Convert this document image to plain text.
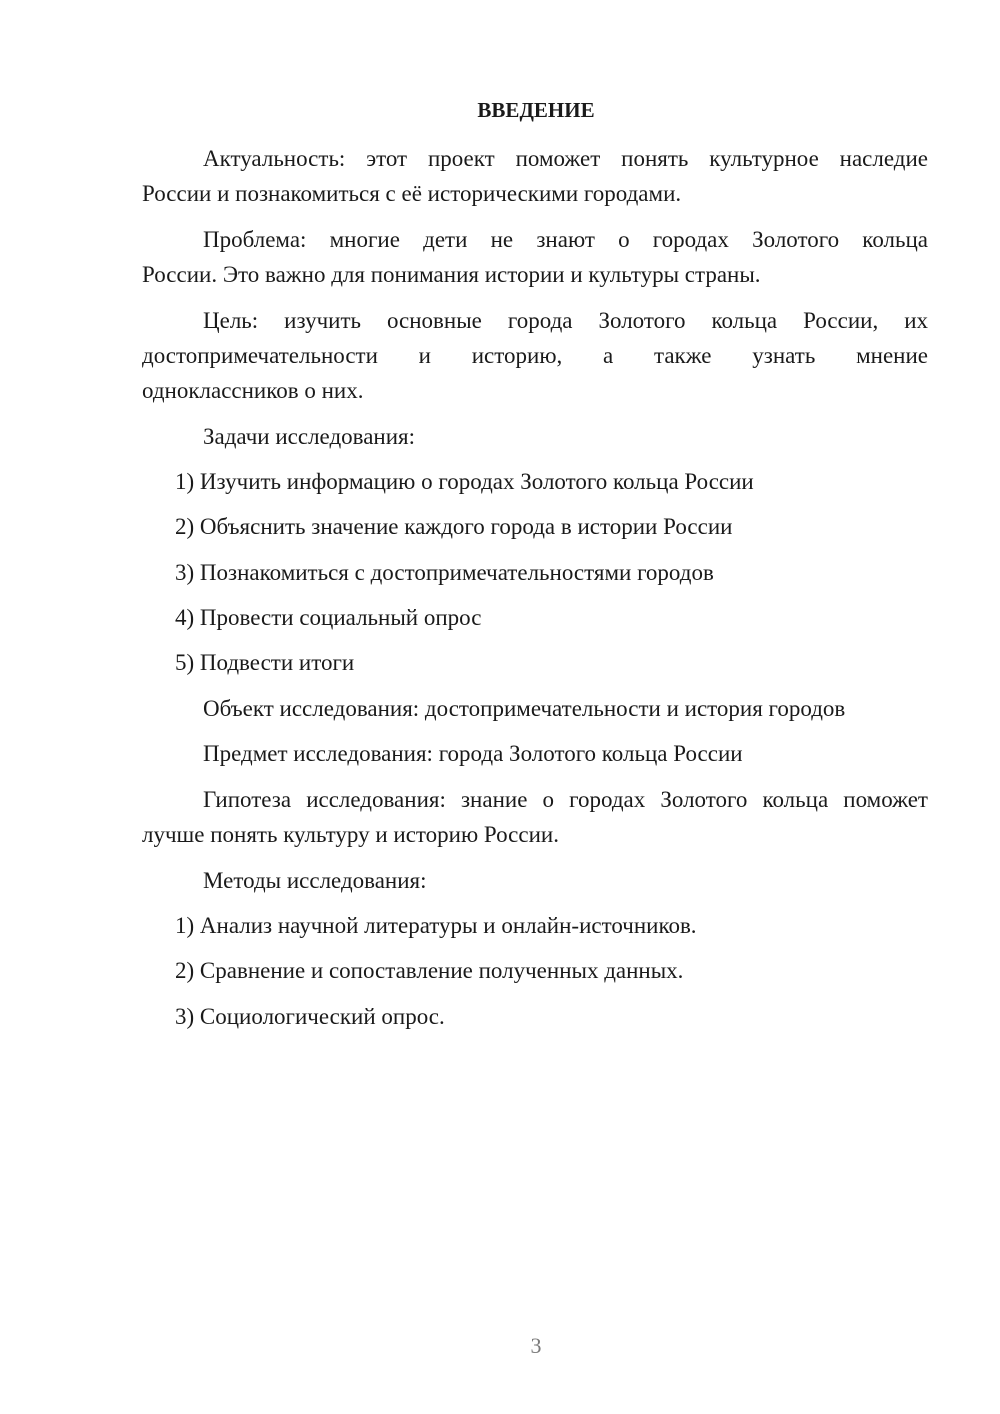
ВВЕДЕНИЕ
Актуальность: этот проект поможет понять культурное наследие
России и познакомиться с её историческими городами.
Проблема: многие дети не знают о городах Золотого кольца
России. Это важно для понимания истории и культуры страны.
Цель: изучить основные города Золотого кольца России, их
достопримечательности и историю, а также узнать мнение
одноклассников о них.
Задачи исследования:
1) Изучить информацию о городах Золотого кольца России
2) Объяснить значение каждого города в истории России
3) Познакомиться с достопримечательностями городов
4) Провести социальный опрос
5) Подвести итоги
Объект исследования: достопримечательности и история городов
Предмет исследования: города Золотого кольца России
Гипотеза исследования: знание о городах Золотого кольца поможет
лучше понять культуру и историю России.
Методы исследования:
1) Анализ научной литературы и онлайн-источников.
2) Сравнение и сопоставление полученных данных.
3) Социологический опрос.
3
